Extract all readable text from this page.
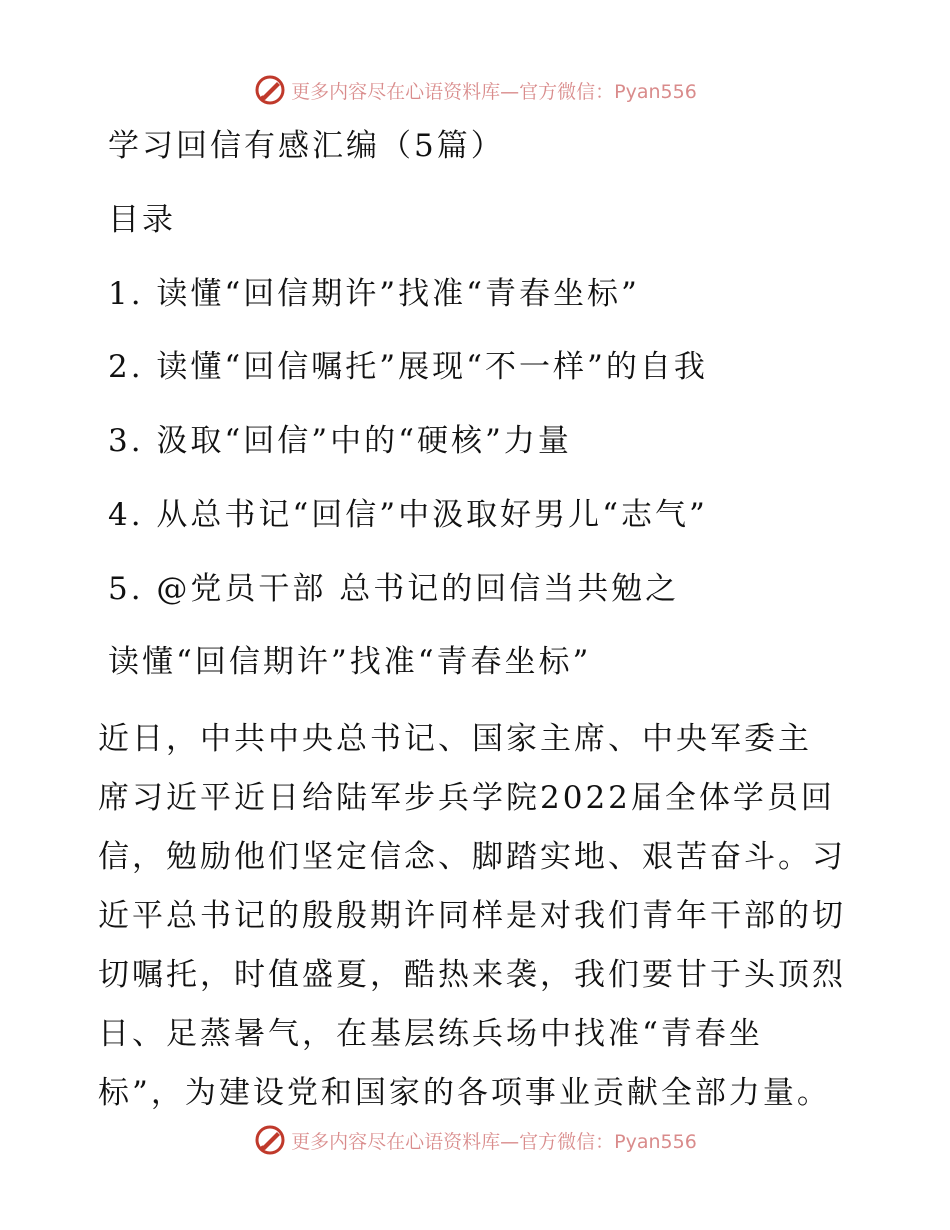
更多内容尽在心语资料库—官方微信：Pyan556
学习回信有感汇编（5篇）
目录
1. 读懂“回信期许”找准“青春坐标”
2. 读懂“回信嘱托”展现“不一样”的自我
3. 汲取“回信”中的“硬核”力量
4. 从总书记“回信”中汲取好男儿“志气”
5. @党员干部 总书记的回信当共勉之
读懂“回信期许”找准“青春坐标”
近日，中共中央总书记、国家主席、中央军委主
席习近平近日给陆军步兵学院2022届全体学员回
信，勉励他们坚定信念、脚踏实地、艰苦奋斗。习
近平总书记的殷殷期许同样是对我们青年干部的切
切嘱托，时值盛夏，酷热来袭，我们要甘于头顶烈
日、足蒸暑气，在基层练兵场中找准“青春坐
标”，为建设党和国家的各项事业贡献全部力量。
更多内容尽在心语资料库—官方微信：Pyan556
